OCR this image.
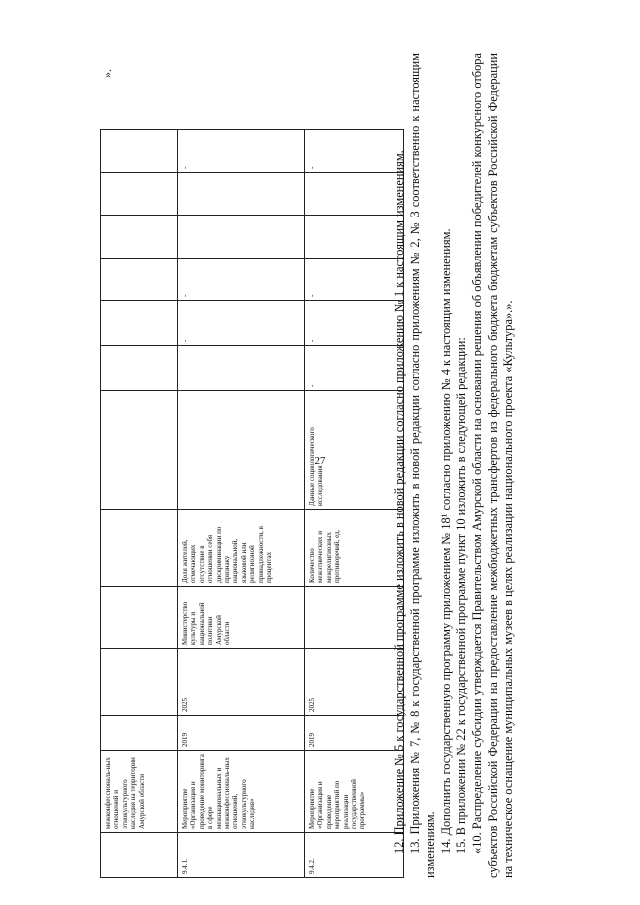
27
	межконфессиональ-ных отношений и этнокультурного наследия на территории Амурской области											
9.4.1.	Мероприятие «Организация и проведение мониторинга в сфере межнациональных и межконфессиональ-ных отношений, этнокультурного наследия»	2019	2025	Министерство культуры и национальной политики Амурской области	Доля жителей, отмечающих отсутствие в отношении себя дискриминации по признаку национальной, языковой или религиозной принадлежности, в процентах			-	-			-
9.4.2.	Мероприятие «Организация и проведение мероприятий по реализации государственной программы»	2019	2025		Количество межэтнических и межрелигиозных противоречий, ед.	Данные социологического исследования	-	-	-			-
».

12. Приложение № 5 к государственной программе изложить в новой редакции согласно приложению № 1 к настоящим изменениям. 13. Приложения № 7, № 8 к государственной программе изложить в новой редакции согласно приложениям № 2, № 3 соответственно к настоящим изменениям. 14. Дополнить государственную программу приложением № 18¹ согласно приложению № 4 к настоящим изменениям. 15. В приложении № 22 к государственной программе пункт 10 изложить в следующей редакции: «10. Распределение субсидии утверждается Правительством Амурской области на основании решения об объявлении победителей конкурсного отбора субъектов Российской Федерации на предоставление межбюджетных трансфертов из федерального бюджета бюджетам субъектов Российской Федерации на техническое оснащение муниципальных музеев в целях реализации национального проекта «Культура».».
